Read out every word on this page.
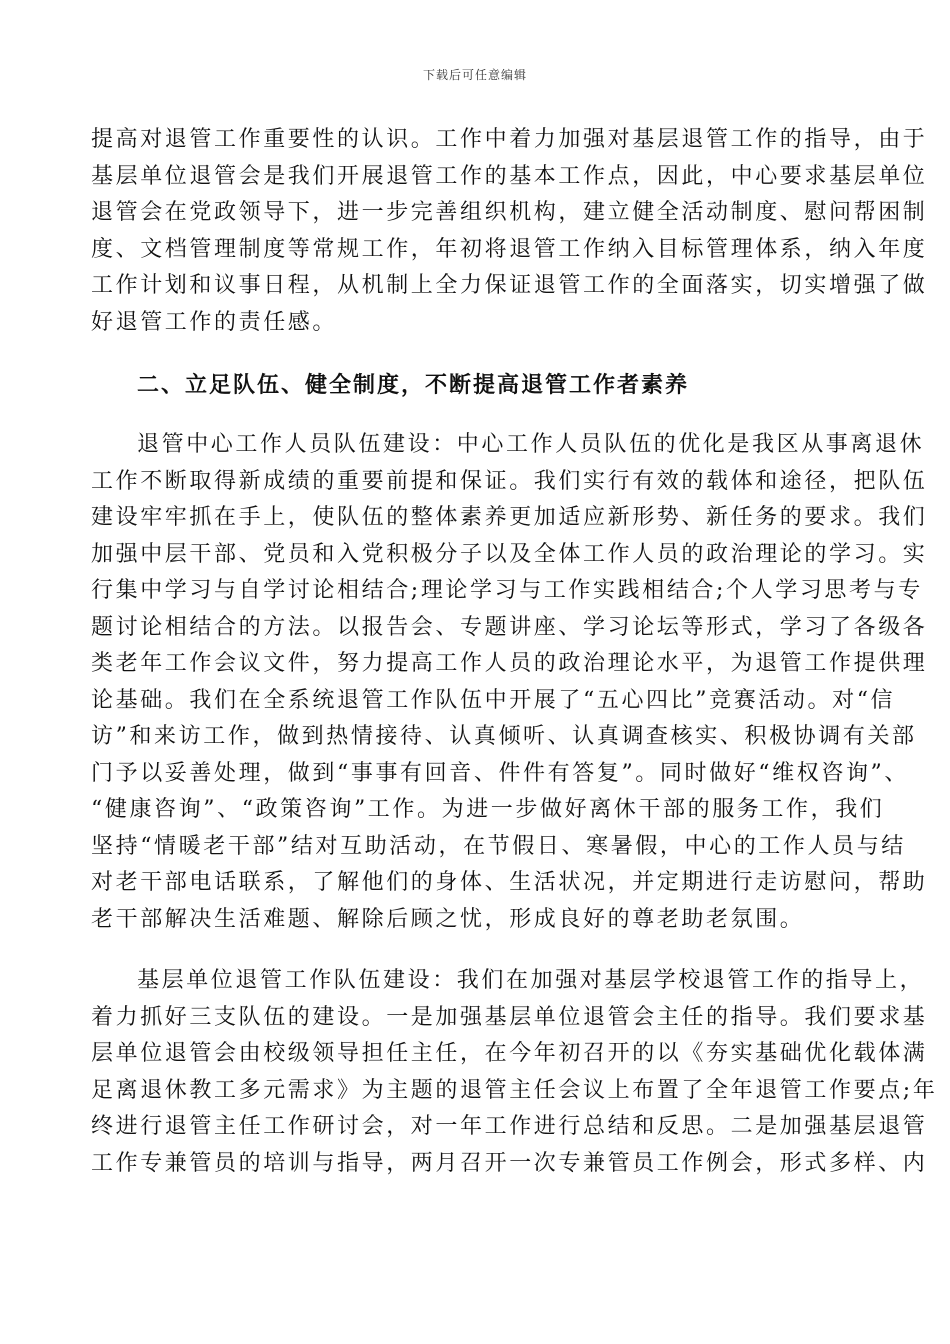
下载后可任意编辑
提高对退管工作重要性的认识。工作中着力加强对基层退管工作的指导，由于
基层单位退管会是我们开展退管工作的基本工作点，因此，中心要求基层单位
退管会在党政领导下，进一步完善组织机构，建立健全活动制度、慰问帮困制
度、文档管理制度等常规工作，年初将退管工作纳入目标管理体系，纳入年度
工作计划和议事日程，从机制上全力保证退管工作的全面落实，切实增强了做
好退管工作的责任感。
二、立足队伍、健全制度，不断提高退管工作者素养
退管中心工作人员队伍建设：中心工作人员队伍的优化是我区从事离退休
工作不断取得新成绩的重要前提和保证。我们实行有效的载体和途径，把队伍
建设牢牢抓在手上，使队伍的整体素养更加适应新形势、新任务的要求。我们
加强中层干部、党员和入党积极分子以及全体工作人员的政治理论的学习。实
行集中学习与自学讨论相结合;理论学习与工作实践相结合;个人学习思考与专
题讨论相结合的方法。以报告会、专题讲座、学习论坛等形式，学习了各级各
类老年工作会议文件，努力提高工作人员的政治理论水平，为退管工作提供理
论基础。我们在全系统退管工作队伍中开展了“五心四比”竞赛活动。对“信
访”和来访工作，做到热情接待、认真倾听、认真调查核实、积极协调有关部
门予以妥善处理，做到“事事有回音、件件有答复”。同时做好“维权咨询”、
“健康咨询”、“政策咨询”工作。为进一步做好离休干部的服务工作，我们
坚持“情暖老干部”结对互助活动，在节假日、寒暑假，中心的工作人员与结
对老干部电话联系，了解他们的身体、生活状况，并定期进行走访慰问，帮助
老干部解决生活难题、解除后顾之忧，形成良好的尊老助老氛围。
基层单位退管工作队伍建设：我们在加强对基层学校退管工作的指导上，
着力抓好三支队伍的建设。一是加强基层单位退管会主任的指导。我们要求基
层单位退管会由校级领导担任主任，在今年初召开的以《夯实基础优化载体满
足离退休教工多元需求》为主题的退管主任会议上布置了全年退管工作要点;年
终进行退管主任工作研讨会，对一年工作进行总结和反思。二是加强基层退管
工作专兼管员的培训与指导，两月召开一次专兼管员工作例会，形式多样、内
